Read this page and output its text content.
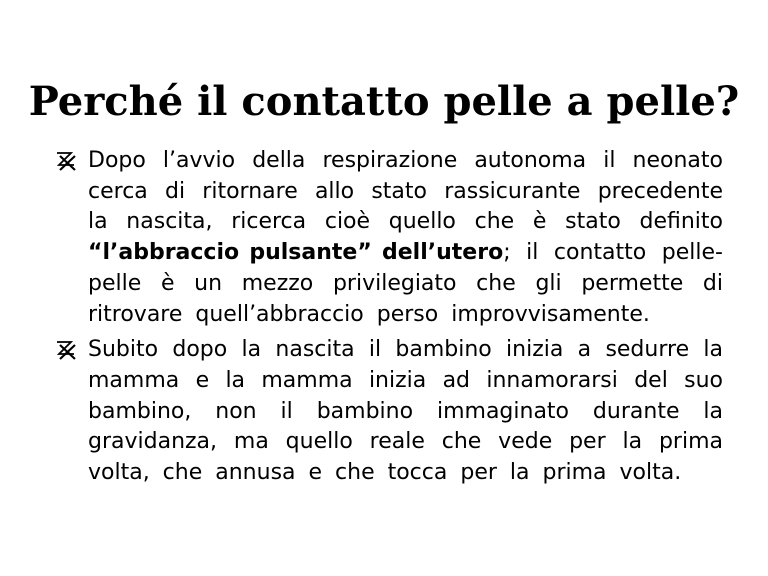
Perché il contatto pelle a pelle?
Dopo l’avvio della respirazione autonoma il neonato cerca di ritornare allo stato rassicurante precedente la nascita, ricerca cioè quello che è stato definito “l’abbraccio pulsante” dell’utero; il contatto pelle-pelle è un mezzo privilegiato che gli permette di ritrovare quell’abbraccio perso improvvisamente.
Subito dopo la nascita il bambino inizia a sedurre la mamma e la mamma inizia ad innamorarsi del suo bambino, non il bambino immaginato durante la gravidanza, ma quello reale che vede per la prima volta, che annusa e che tocca per la prima volta.
